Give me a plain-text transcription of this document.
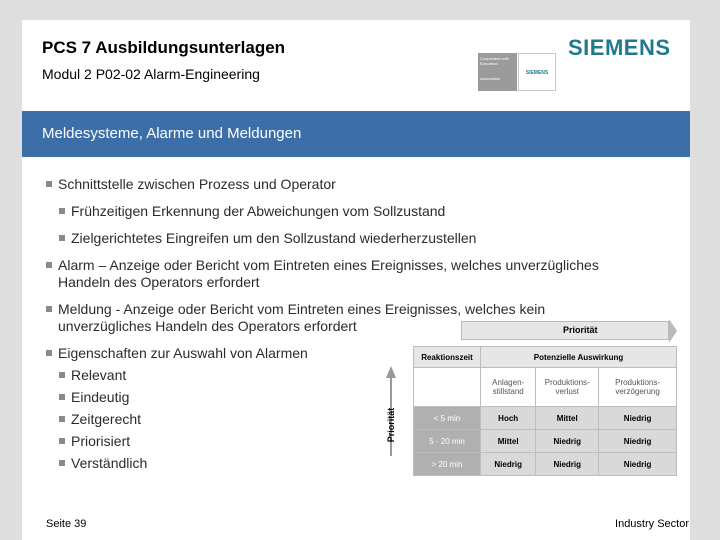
PCS 7 Ausbildungsunterlagen
Modul 2 P02-02 Alarm-Engineering
Cooperates with Education

Automation
SIEMENS
SIEMENS
Meldesysteme, Alarme und Meldungen
Schnittstelle zwischen Prozess und Operator
Frühzeitigen Erkennung der Abweichungen vom Sollzustand
Zielgerichtetes Eingreifen um den Sollzustand wiederherzustellen
Alarm – Anzeige oder Bericht vom Eintreten eines Ereignisses, welches unverzügliches
Handeln des Operators erfordert
Meldung - Anzeige oder Bericht vom Eintreten eines Ereignisses, welches kein
unverzügliches Handeln des Operators erfordert
Eigenschaften zur Auswahl von Alarmen
Relevant
Eindeutig
Zeitgerecht
Priorisiert
Verständlich
Priorität
Priorität
Reaktionszeit	Potenzielle Auswirkung		
	Anlagen-stillstand	Produktions-verlust	Produktions-verzögerung
< 5 min	Hoch	Mittel	Niedrig
5 - 20 min	Mittel	Niedrig	Niedrig
> 20 min	Niedrig	Niedrig	Niedrig
Seite 39
© Siemens AG 2011. Alle Rechte vorbehalten.
Industry Sector
